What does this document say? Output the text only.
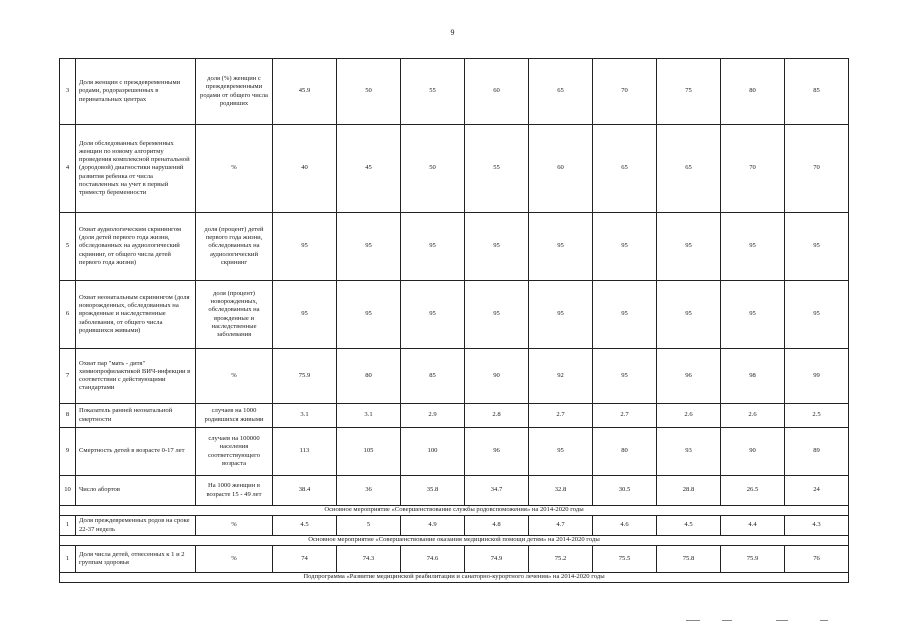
9
3	Доля женщин с преждевременными родами, родоразрешенных в перинатальных центрах	доля (%) женщин с преждевременными родами от общего числа родивших	45.9	50	55	60	65	70	75	80	85
4	Доля обследованных беременных женщин по новому алгоритму проведения комплексной пренатальной (дородовой) диагностики нарушений развития ребенка от числа поставленных на учет в первый триместр беременности	%	40	45	50	55	60	65	65	70	70
5	Охват аудиологическим скринингом (доля детей первого года жизни, обследованных на аудиологический скрининг, от общего числа детей первого года жизни)	доля (процент) детей первого года жизни, обследованных на аудиологический скрининг	95	95	95	95	95	95	95	95	95
6	Охват неонатальным скринингом (доля новорожденных, обследованных на врожденные и наследственные заболевания, от общего числа родившихся живыми)	доля (процент) новорожденных, обследованных на врожденные и наследственные заболевания	95	95	95	95	95	95	95	95	95
7	Охват пар "мать - дитя" химиопрофилактикой ВИЧ-инфекции в соответствии с действующими стандартами	%	75.9	80	85	90	92	95	96	98	99
8	Показатель ранней неонатальной смертности	случаев на 1000 родившихся живыми	3.1	3.1	2.9	2.8	2.7	2.7	2.6	2.6	2.5
9	Смертность детей в возрасте 0-17 лет	случаев на 100000 населения соответствующего возраста	113	105	100	96	95	80	93	90	89
10	Число абортов	На 1000 женщин в возрасте 15 - 49 лет	38.4	36	35.8	34.7	32.8	30.5	28.8	26.5	24
Основное мероприятие «Совершенствование службы родовспоможения» на 2014-2020 годы											
1	Доля преждевременных родов на сроке 22-37 недель	%	4.5	5	4.9	4.8	4.7	4.6	4.5	4.4	4.3
Основное мероприятие «Совершенствование оказания медицинской помощи детям» на 2014-2020 годы											
1	Доля числа детей, отнесенных к 1 и 2 группам здоровья	%	74	74.3	74.6	74.9	75.2	75.5	75.8	75.9	76
Подпрограмма «Развитие медицинской реабилитации и санаторно-курортного лечения» на 2014-2020 годы											
